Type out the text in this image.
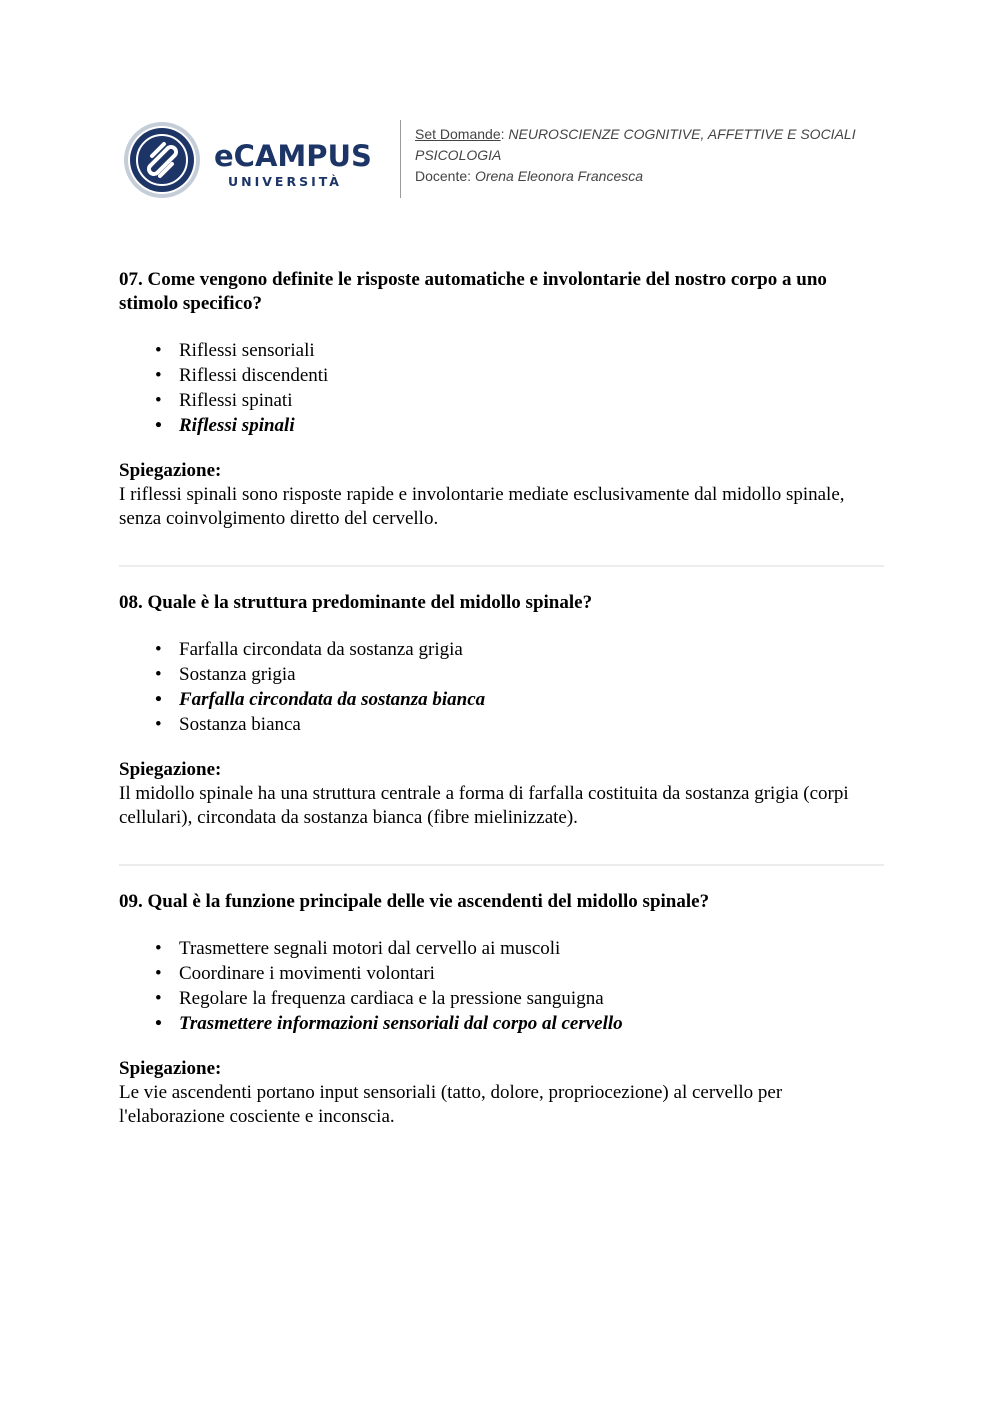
eCAMPUS
UNIVERSITÀ
Set Domande: NEUROSCIENZE COGNITIVE, AFFETTIVE E SOCIALI
PSICOLOGIA
Docente: Orena Eleonora Francesca

07. Come vengono definite le risposte automatiche e involontarie del nostro corpo a uno stimolo specifico?

• Riflessi sensoriali
• Riflessi discendenti
• Riflessi spinati
• Riflessi spinali
Spiegazione:
I riflessi spinali sono risposte rapide e involontarie mediate esclusivamente dal midollo spinale, senza coinvolgimento diretto del cervello.

08. Quale è la struttura predominante del midollo spinale?

• Farfalla circondata da sostanza grigia
• Sostanza grigia
• Farfalla circondata da sostanza bianca
• Sostanza bianca
Spiegazione:
Il midollo spinale ha una struttura centrale a forma di farfalla costituita da sostanza grigia (corpi cellulari), circondata da sostanza bianca (fibre mielinizzate).

09. Qual è la funzione principale delle vie ascendenti del midollo spinale?

• Trasmettere segnali motori dal cervello ai muscoli
• Coordinare i movimenti volontari
• Regolare la frequenza cardiaca e la pressione sanguigna
• Trasmettere informazioni sensoriali dal corpo al cervello
Spiegazione:
Le vie ascendenti portano input sensoriali (tatto, dolore, propriocezione) al cervello per l'elaborazione cosciente e inconscia.
